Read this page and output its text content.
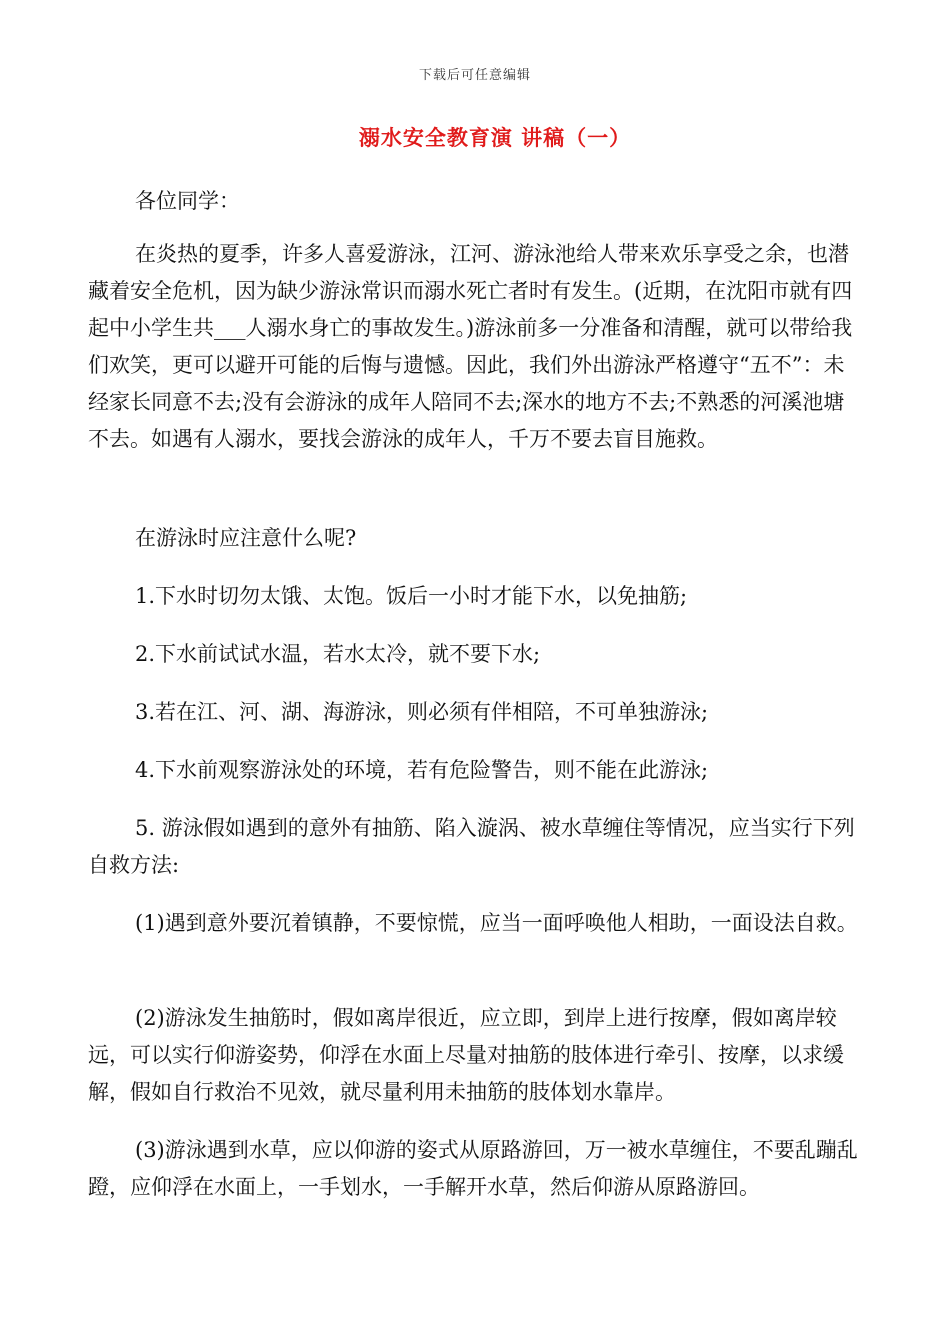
下载后可任意编辑
溺水安全教育演 讲稿（一）

各位同学：

在炎热的夏季，许多人喜爱游泳，江河、游泳池给人带来欢乐享受之余，也潜藏着安全危机，因为缺少游泳常识而溺水死亡者时有发生。(近期，在沈阳市就有四起中小学生共___人溺水身亡的事故发生。)游泳前多一分准备和清醒，就可以带给我们欢笑，更可以避开可能的后悔与遗憾。因此，我们外出游泳严格遵守“五不”：未经家长同意不去;没有会游泳的成年人陪同不去;深水的地方不去;不熟悉的河溪池塘不去。如遇有人溺水，要找会游泳的成年人，千万不要去盲目施救。

在游泳时应注意什么呢?

1.下水时切勿太饿、太饱。饭后一小时才能下水，以免抽筋;

2.下水前试试水温，若水太冷，就不要下水;

3.若在江、河、湖、海游泳，则必须有伴相陪，不可单独游泳;

4.下水前观察游泳处的环境，若有危险警告，则不能在此游泳;

5. 游泳假如遇到的意外有抽筋、陷入漩涡、被水草缠住等情况，应当实行下列自救方法:

(1)遇到意外要沉着镇静，不要惊慌，应当一面呼唤他人相助，一面设法自救。

(2)游泳发生抽筋时，假如离岸很近，应立即，到岸上进行按摩，假如离岸较远，可以实行仰游姿势，仰浮在水面上尽量对抽筋的肢体进行牵引、按摩，以求缓解，假如自行救治不见效，就尽量利用未抽筋的肢体划水靠岸。

(3)游泳遇到水草，应以仰游的姿式从原路游回，万一被水草缠住，不要乱蹦乱蹬，应仰浮在水面上，一手划水，一手解开水草，然后仰游从原路游回。
